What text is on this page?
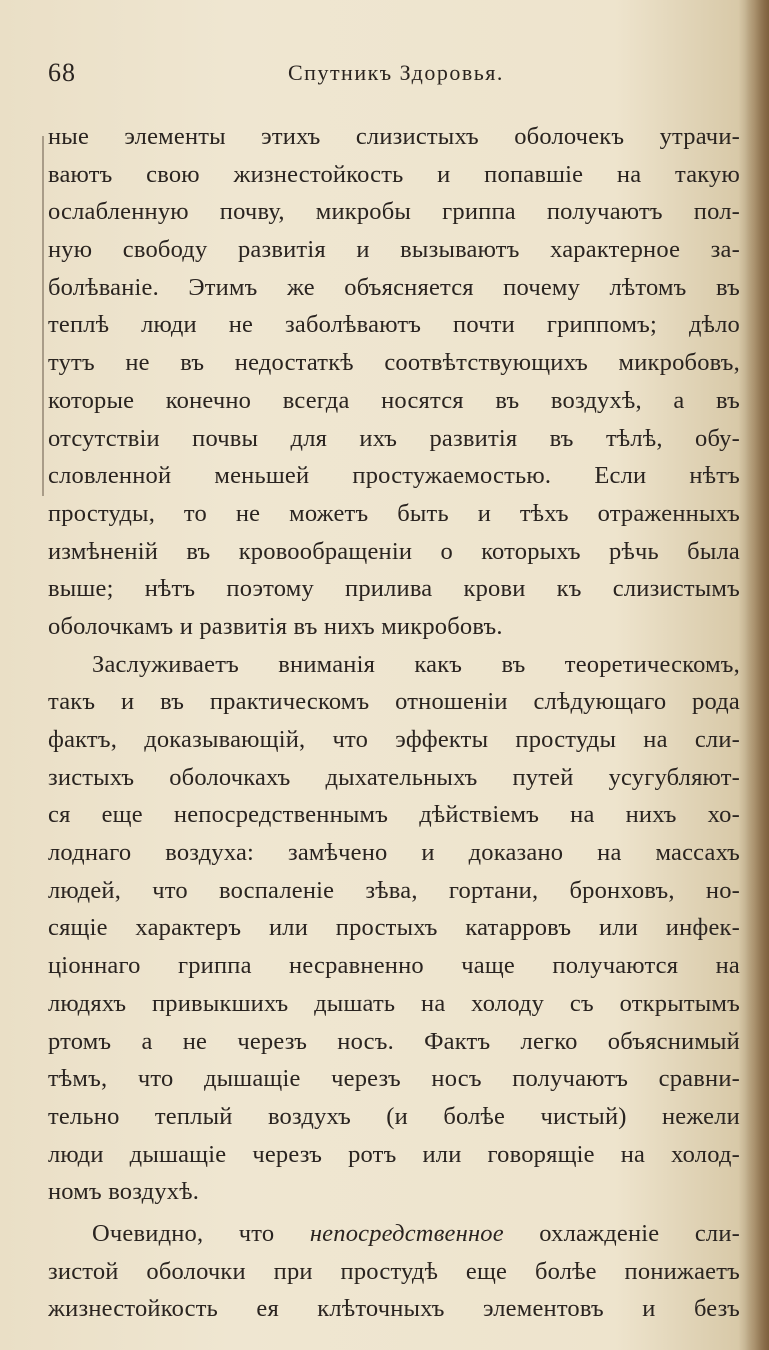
68	Спутникъ Здоровья.
ные элементы этихъ слизистыхъ оболочекъ утрачи-
ваютъ свою жизнестойкость и попавшіе на такую
ослабленную почву, микробы гриппа получаютъ пол-
ную свободу развитія и вызываютъ характерное за-
болѣваніе. Этимъ же объясняется почему лѣтомъ въ
теплѣ люди не заболѣваютъ почти гриппомъ; дѣло
тутъ не въ недостаткѣ соотвѣтствующихъ микробовъ,
которые конечно всегда носятся въ воздухѣ, а въ
отсутствіи почвы для ихъ развитія въ тѣлѣ, обу-
словленной меньшей простужаемостью. Если нѣтъ
простуды, то не можетъ быть и тѣхъ отраженныхъ
измѣненій въ кровообращеніи о которыхъ рѣчь была
выше; нѣтъ поэтому прилива крови къ слизистымъ
оболочкамъ и развитія въ нихъ микробовъ.
Заслуживаетъ вниманія какъ въ теоретическомъ,
такъ и въ практическомъ отношеніи слѣдующаго рода
фактъ, доказывающій, что эффекты простуды на сли-
зистыхъ оболочкахъ дыхательныхъ путей усугубляют-
ся еще непосредственнымъ дѣйствіемъ на нихъ хо-
лоднаго воздуха: замѣчено и доказано на массахъ
людей, что воспаленіе зѣва, гортани, бронховъ, но-
сящіе характеръ или простыхъ катарровъ или инфек-
ціоннаго гриппа несравненно чаще получаются на
людяхъ привыкшихъ дышать на холоду съ открытымъ
ртомъ а не черезъ носъ. Фактъ легко объяснимый
тѣмъ, что дышащіе черезъ носъ получаютъ сравни-
тельно теплый воздухъ (и болѣе чистый) нежели
люди дышащіе черезъ ротъ или говорящіе на холод-
номъ воздухѣ.
Очевидно, что непосредственное охлажденіе сли-
зистой оболочки при простудѣ еще болѣе понижаетъ
жизнестойкость ея клѣточныхъ элементовъ и безъ
